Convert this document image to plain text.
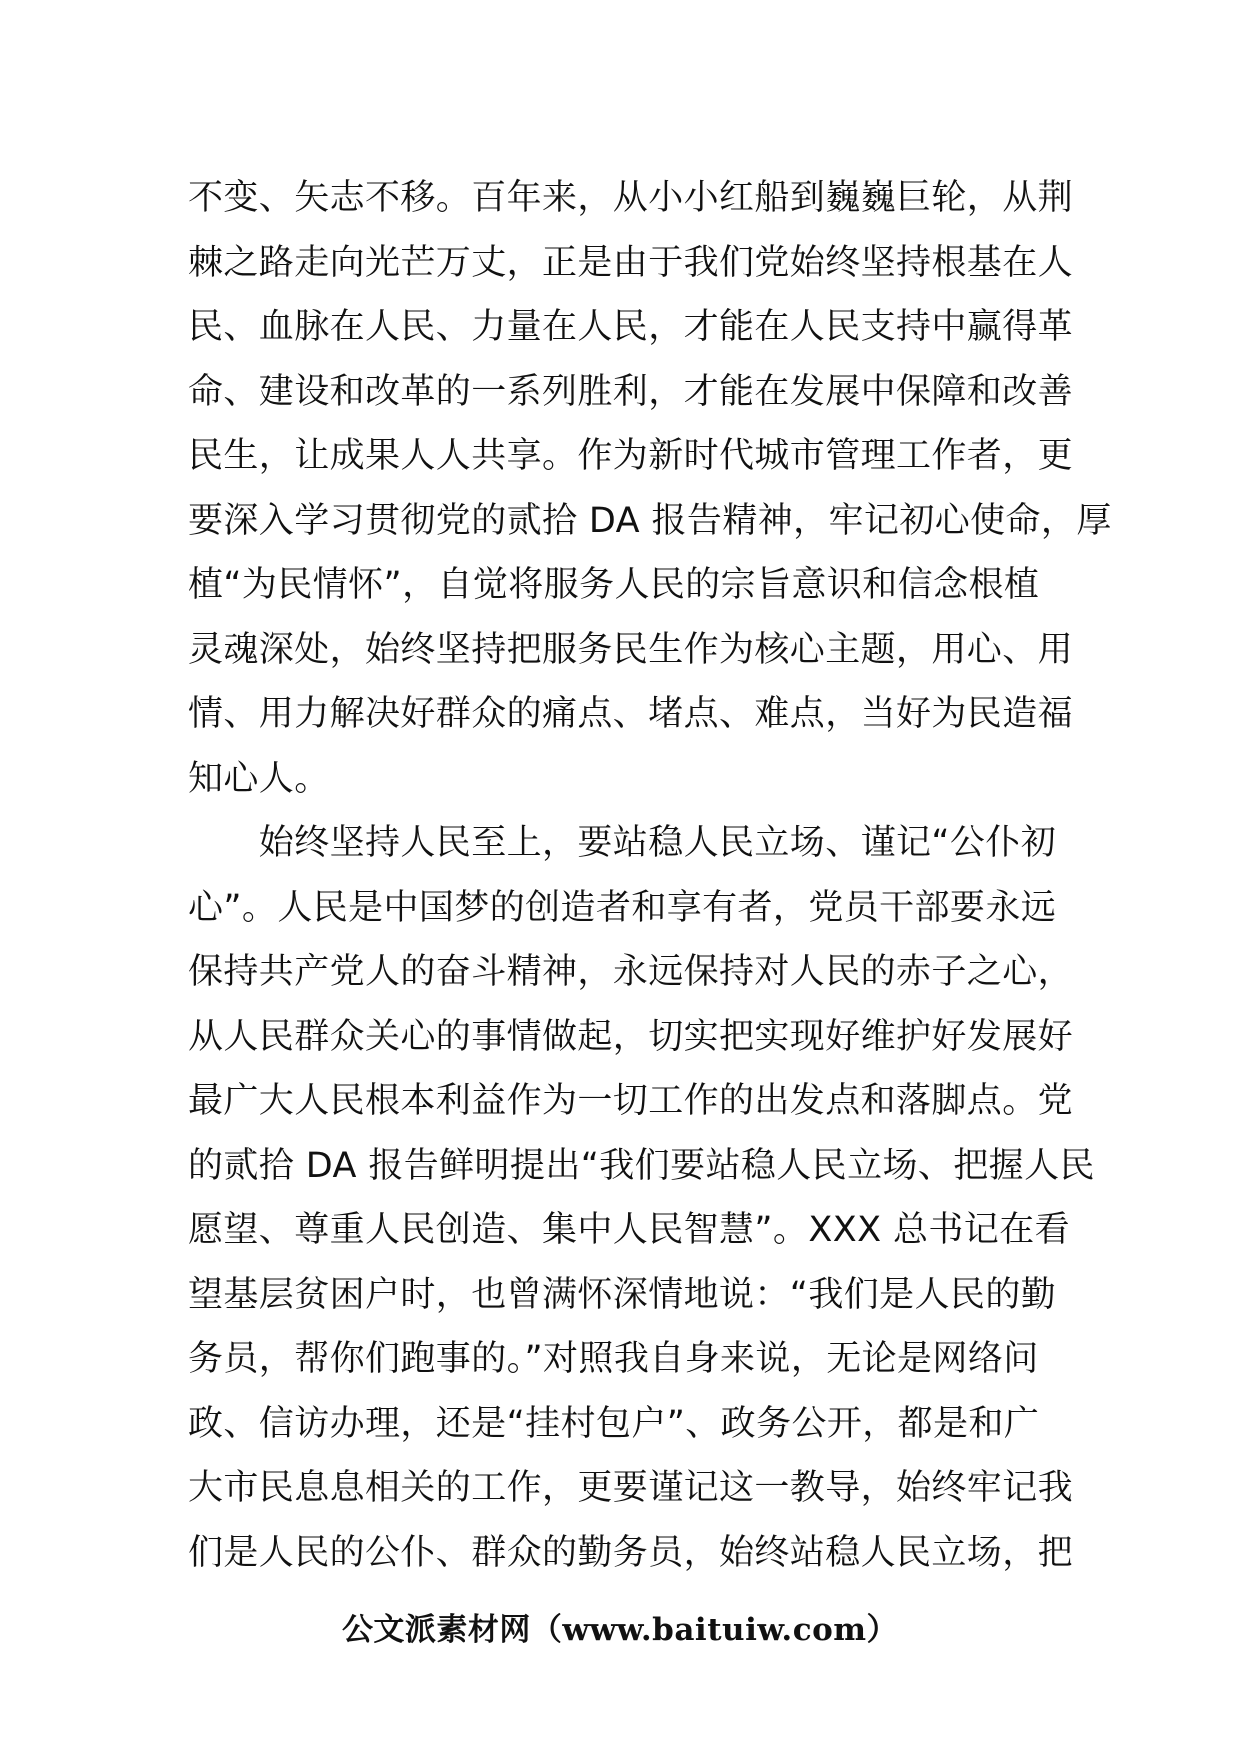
不变、矢志不移。百年来，从小小红船到巍巍巨轮，从荆
棘之路走向光芒万丈，正是由于我们党始终坚持根基在人
民、血脉在人民、力量在人民，才能在人民支持中赢得革
命、建设和改革的一系列胜利，才能在发展中保障和改善
民生，让成果人人共享。作为新时代城市管理工作者，更
要深入学习贯彻党的贰拾 DA 报告精神，牢记初心使命，厚
植“为民情怀”，自觉将服务人民的宗旨意识和信念根植
灵魂深处，始终坚持把服务民生作为核心主题，用心、用
情、用力解决好群众的痛点、堵点、难点，当好为民造福
知心人。
　　始终坚持人民至上，要站稳人民立场、谨记“公仆初
心”。人民是中国梦的创造者和享有者，党员干部要永远
保持共产党人的奋斗精神，永远保持对人民的赤子之心，
从人民群众关心的事情做起，切实把实现好维护好发展好
最广大人民根本利益作为一切工作的出发点和落脚点。党
的贰拾 DA 报告鲜明提出“我们要站稳人民立场、把握人民
愿望、尊重人民创造、集中人民智慧”。XXX 总书记在看
望基层贫困户时，也曾满怀深情地说：“我们是人民的勤
务员，帮你们跑事的。”对照我自身来说，无论是网络问
政、信访办理，还是“挂村包户”、政务公开，都是和广
大市民息息相关的工作，更要谨记这一教导，始终牢记我
们是人民的公仆、群众的勤务员，始终站稳人民立场，把
公文派素材网（www.baituiw.com）
